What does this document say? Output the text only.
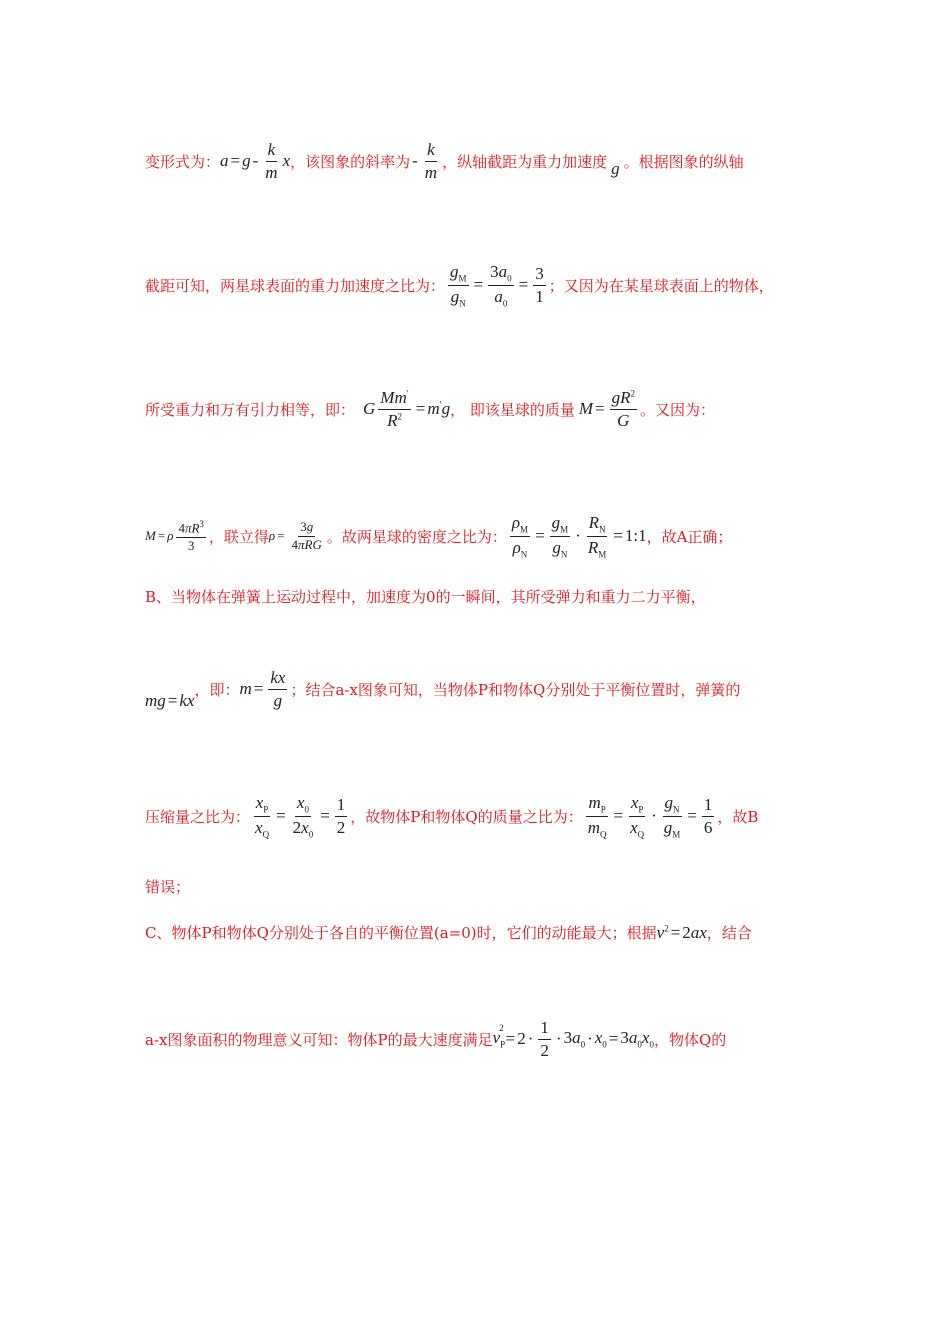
变形式为： $a = g - \frac{k}{m}$ x ，该图象的斜率为 - $\frac{k}{m}$ ，纵轴截距为重力加速度 g 。根据图象的纵轴
截距可知，两星球表面的重力加速度之比为： $\frac{g_M}{g_N} = \frac{3a_0}{a_0} = \frac{3}{1}$ ；又因为在某星球表面上的物体，
所受重力和万有引力相等，即： G $\frac{Mm'}{R^2} = m'g$ ， 即该星球的质量 $M = \frac{gR^2}{G}$ 。又因为：
M = ρ $\frac{4\pi R^3}{3}$ ，联立得 $\rho = \frac{3g}{\text{4πRG}}$ 。故两星球的密度之比为： $\frac{\rho_M}{\rho_N} = \frac{g_M}{g_N} \cdot \frac{R_N}{R_M}$ = 1:1 ，故A正确；
B、当物体在弹簧上运动过程中，加速度为0的一瞬间，其所受弹力和重力二力平衡，
mg = kx
，即： $m = \frac{kx}{g}$ ；结合a-x图象可知，当物体P和物体Q分别处于平衡位置时，弹簧的
压缩量之比为： $\frac{x_P}{x_Q} = \frac{x_0}{2x_0} = \frac{1}{2}$ ，故物体P和物体Q的质量之比为： $\frac{m_P}{m_Q} = \frac{x_P}{x_Q} \cdot \frac{g_N}{g_M} = \frac{1}{6}$ ，故B
错误；
C、物体P和物体Q分别处于各自的平衡位置(a=0)时，它们的动能最大；根据 $v^2 = 2ax$ ，结合
a-x图象面积的物理意义可知：物体P的最大速度满足 $v_P^2$
= $2 \cdot \frac{1}{2} \cdot 3a_0 \cdot x_0 = 3a_0x_0$ ，物体Q的
